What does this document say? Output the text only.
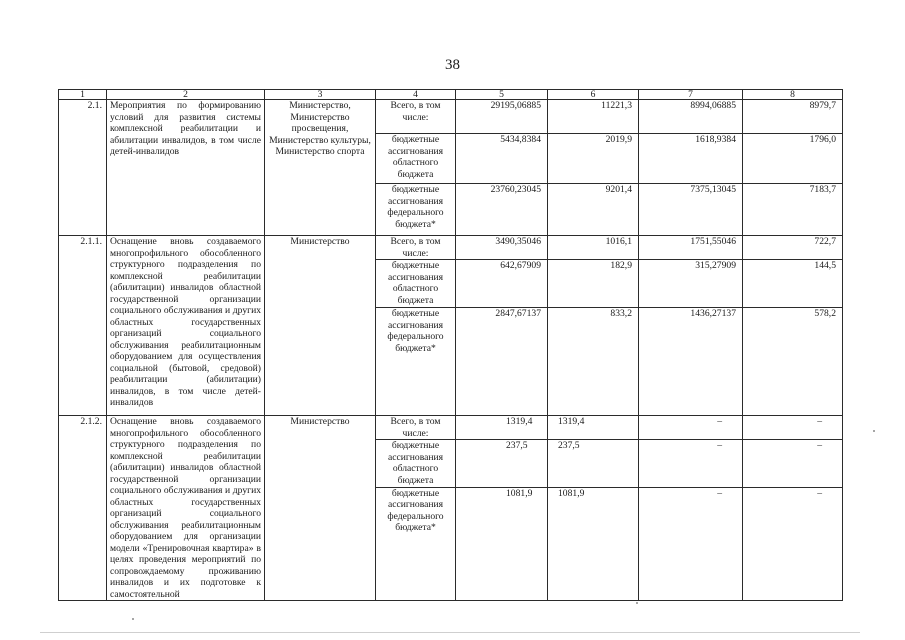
38
1	2	3	4	5	6	7	8
2.1.	Мероприятия по формированию условий для развития системы комплексной реабилитации и абилитации инвалидов, в том числе детей-инвалидов	Министерство, Министерство просвещения, Министерство культуры, Министерство спорта	Всего, в том числе:	29195,06885	11221,3	8994,06885	8979,7
			бюджетные ассигнования областного бюджета	5434,8384	2019,9	1618,9384	1796,0
			бюджетные ассигнования федерального бюджета*	23760,23045	9201,4	7375,13045	7183,7
2.1.1.	Оснащение вновь создаваемого многопрофильного обособленного структурного подразделения по комплексной реабилитации (абилитации) инвалидов областной государственной организации социального обслуживания и других областных государственных организаций социального обслуживания реабилитационным оборудованием для осуществления социальной (бытовой, средовой) реабилитации (абилитации) инвалидов, в том числе детей-инвалидов	Министерство	Всего, в том числе:	3490,35046	1016,1	1751,55046	722,7
			бюджетные ассигнования областного бюджета	642,67909	182,9	315,27909	144,5
			бюджетные ассигнования федерального бюджета*	2847,67137	833,2	1436,27137	578,2
2.1.2.	Оснащение вновь создаваемого многопрофильного обособленного структурного подразделения по комплексной реабилитации (абилитации) инвалидов областной государственной организации социального обслуживания и других областных государственных организаций социального обслуживания реабилитационным оборудованием для организации модели «Тренировочная квартира» в целях проведения мероприятий по сопровождаемому проживанию инвалидов и их подготовке к самостоятельной	Министерство	Всего, в том числе:	1319,4	1319,4	–	–
			бюджетные ассигнования областного бюджета	237,5	237,5	–	–
			бюджетные ассигнования федерального бюджета*	1081,9	1081,9	–	–
